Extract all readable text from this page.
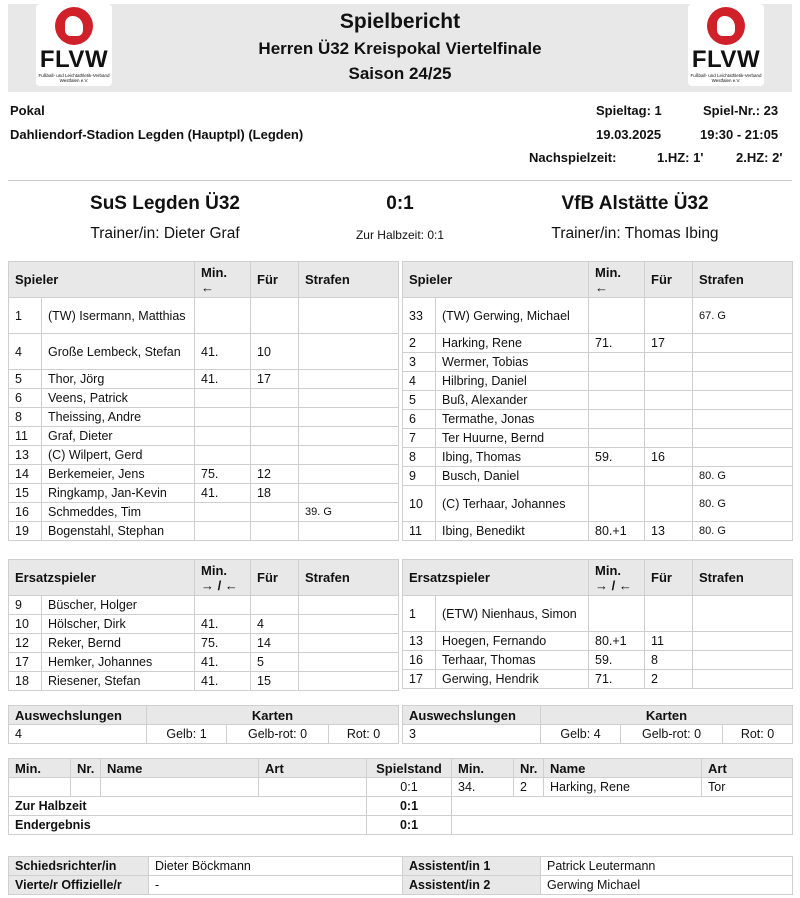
FLVW
Fußball- und Leichtathletik-Verband Westfalen e.V.
Spielbericht
Herren Ü32 Kreispokal Viertelfinale
Saison 24/25
FLVW
Fußball- und Leichtathletik-Verband Westfalen e.V.
Pokal
Dahliendorf-Stadion Legden (Hauptpl) (Legden)
Spieltag: 1	Spiel-Nr.: 23
19.03.2025	19:30 - 21:05
Nachspielzeit:	1.HZ: 1'	2.HZ: 2'
SuS Legden Ü32	0:1	VfB Alstätte Ü32
Trainer/in: Dieter Graf	Zur Halbzeit: 0:1	Trainer/in: Thomas Ibing
Spieler		Min.
←	Für	Strafen
1	(TW) Isermann, Matthias			
4	Große Lembeck, Stefan	41.	10	
5	Thor, Jörg	41.	17	
6	Veens, Patrick			
8	Theissing, Andre			
11	Graf, Dieter			
13	(C) Wilpert, Gerd			
14	Berkemeier, Jens	75.	12	
15	Ringkamp, Jan-Kevin	41.	18	
16	Schmeddes, Tim			39. G
19	Bogenstahl, Stephan			
Spieler		Min.
←	Für	Strafen
33	(TW) Gerwing, Michael			67. G
2	Harking, Rene	71.	17	
3	Wermer, Tobias			
4	Hilbring, Daniel			
5	Buß, Alexander			
6	Termathe, Jonas			
7	Ter Huurne, Bernd			
8	Ibing, Thomas	59.	16	
9	Busch, Daniel			80. G
10	(C) Terhaar, Johannes			80. G
11	Ibing, Benedikt	80.+1	13	80. G
Ersatzspieler		Min.
→ / ←	Für	Strafen
9	Büscher, Holger			
10	Hölscher, Dirk	41.	4	
12	Reker, Bernd	75.	14	
17	Hemker, Johannes	41.	5	
18	Riesener, Stefan	41.	15	
Ersatzspieler		Min.
→ / ←	Für	Strafen
1	(ETW) Nienhaus, Simon			
13	Hoegen, Fernando	80.+1	11	
16	Terhaar, Thomas	59.	8	
17	Gerwing, Hendrik	71.	2	
Auswechslungen	Karten		
4	Gelb: 1	Gelb-rot: 0	Rot: 0
Auswechslungen	Karten		
3	Gelb: 4	Gelb-rot: 0	Rot: 0
Min.	Nr.	Name	Art	Spielstand	Min.	Nr.	Name	Art
				0:1	34.	2	Harking, Rene	Tor
Zur Halbzeit				0:1				
Endergebnis				0:1				
Schiedsrichter/in	Dieter Böckmann	Assistent/in 1	Patrick Leutermann
Vierte/r Offizielle/r	-	Assistent/in 2	Gerwing Michael
